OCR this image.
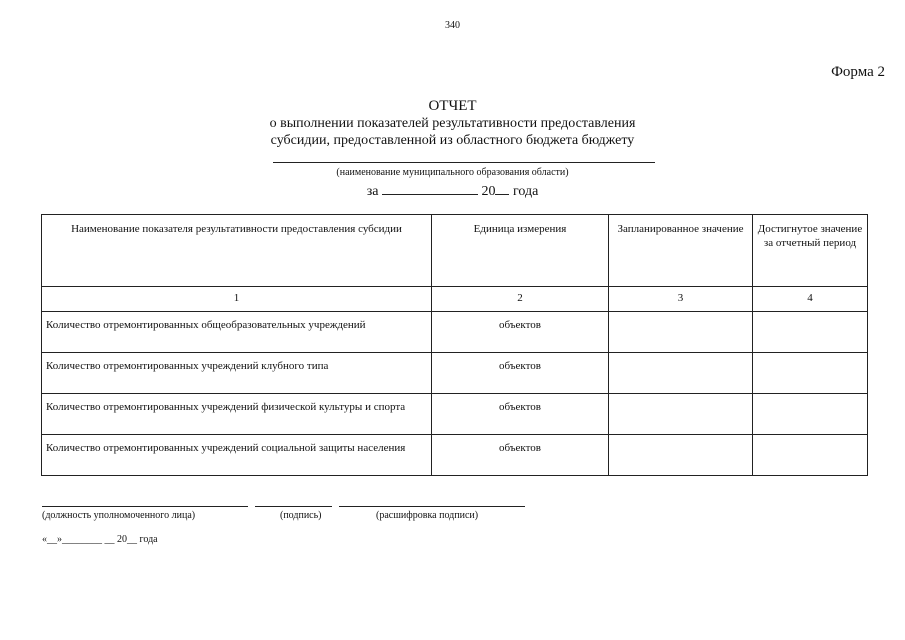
340
Форма 2
ОТЧЕТ
о выполнении показателей результативности предоставления
субсидии, предоставленной из областного бюджета бюджету
(наименование муниципального образования области)
за	20 года
Наименование показателя результативности предоставления субсидии	Единица измерения	Запланированное значение	Достигнутое значение за отчетный период
1	2	3	4
Количество отремонтированных общеобразовательных учреждений	объектов		
Количество отремонтированных учреждений клубного типа	объектов		
Количество отремонтированных учреждений физической культуры и спорта	объектов		
Количество отремонтированных учреждений социальной защиты населения	объектов		
(должность уполномоченного лица)	(подпись)	(расшифровка подписи)
«__»________ __ 20__ года
